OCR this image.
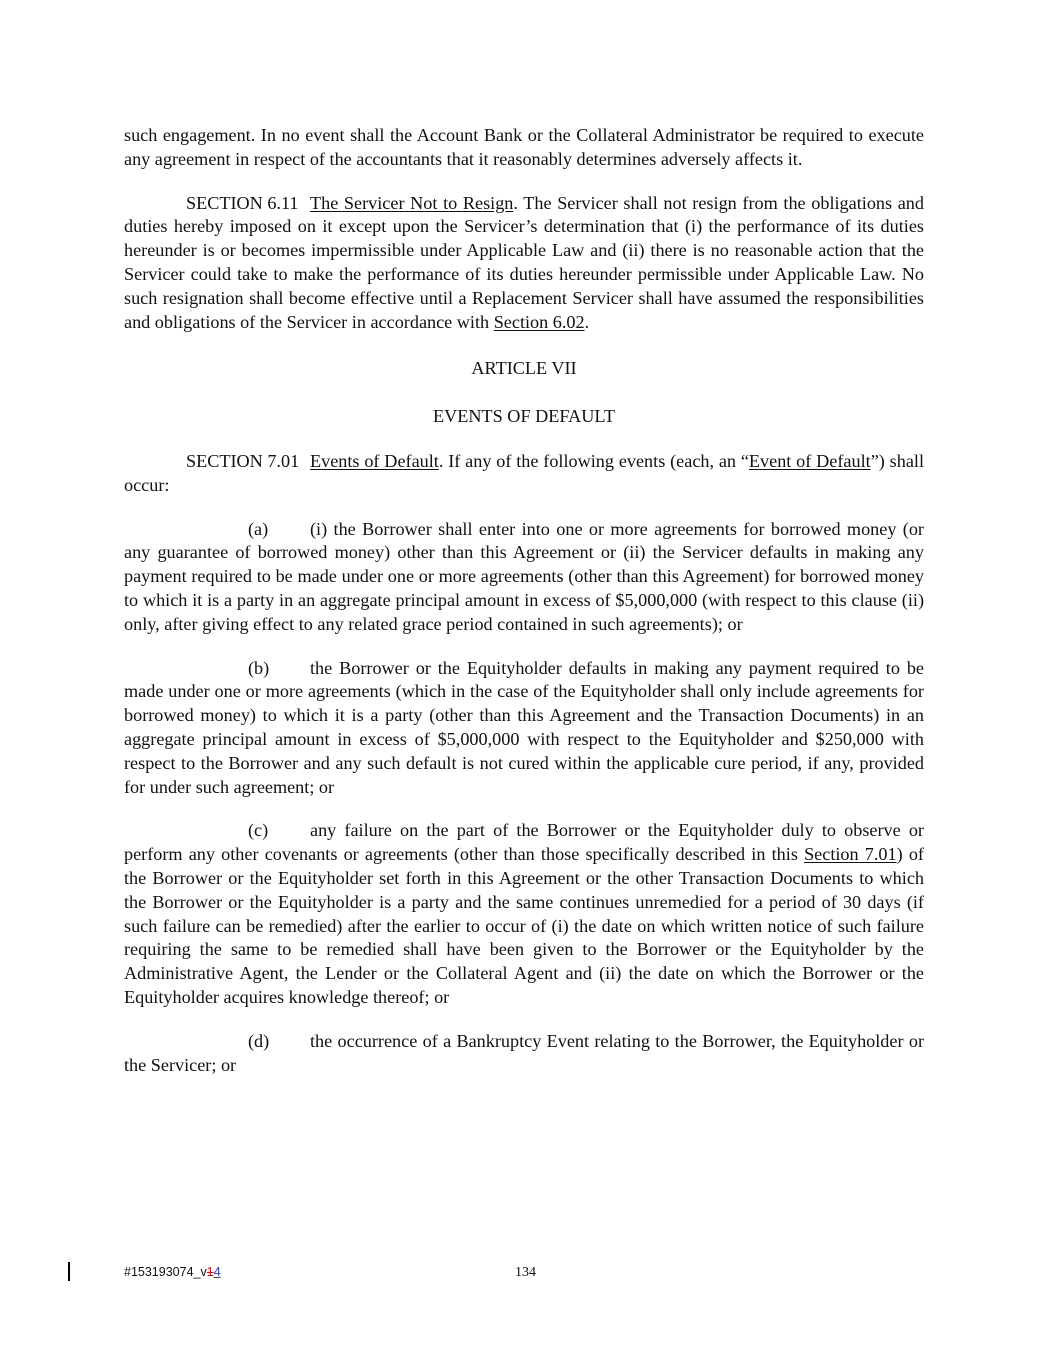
such engagement. In no event shall the Account Bank or the Collateral Administrator be required to execute any agreement in respect of the accountants that it reasonably determines adversely affects it.

SECTION 6.11 The Servicer Not to Resign. The Servicer shall not resign from the obligations and duties hereby imposed on it except upon the Servicer’s determination that (i) the performance of its duties hereunder is or becomes impermissible under Applicable Law and (ii) there is no reasonable action that the Servicer could take to make the performance of its duties hereunder permissible under Applicable Law. No such resignation shall become effective until a Replacement Servicer shall have assumed the responsibilities and obligations of the Servicer in accordance with Section 6.02.

ARTICLE VII

EVENTS OF DEFAULT

SECTION 7.01 Events of Default. If any of the following events (each, an “Event of Default”) shall occur:

(a) (i) the Borrower shall enter into one or more agreements for borrowed money (or any guarantee of borrowed money) other than this Agreement or (ii) the Servicer defaults in making any payment required to be made under one or more agreements (other than this Agreement) for borrowed money to which it is a party in an aggregate principal amount in excess of $5,000,000 (with respect to this clause (ii) only, after giving effect to any related grace period contained in such agreements); or

(b) the Borrower or the Equityholder defaults in making any payment required to be made under one or more agreements (which in the case of the Equityholder shall only include agreements for borrowed money) to which it is a party (other than this Agreement and the Transaction Documents) in an aggregate principal amount in excess of $5,000,000 with respect to the Equityholder and $250,000 with respect to the Borrower and any such default is not cured within the applicable cure period, if any, provided for under such agreement; or

(c) any failure on the part of the Borrower or the Equityholder duly to observe or perform any other covenants or agreements (other than those specifically described in this Section 7.01) of the Borrower or the Equityholder set forth in this Agreement or the other Transaction Documents to which the Borrower or the Equityholder is a party and the same continues unremedied for a period of 30 days (if such failure can be remedied) after the earlier to occur of (i) the date on which written notice of such failure requiring the same to be remedied shall have been given to the Borrower or the Equityholder by the Administrative Agent, the Lender or the Collateral Agent and (ii) the date on which the Borrower or the Equityholder acquires knowledge thereof; or

(d) the occurrence of a Bankruptcy Event relating to the Borrower, the Equityholder or the Servicer; or

#153193074_v14	134
